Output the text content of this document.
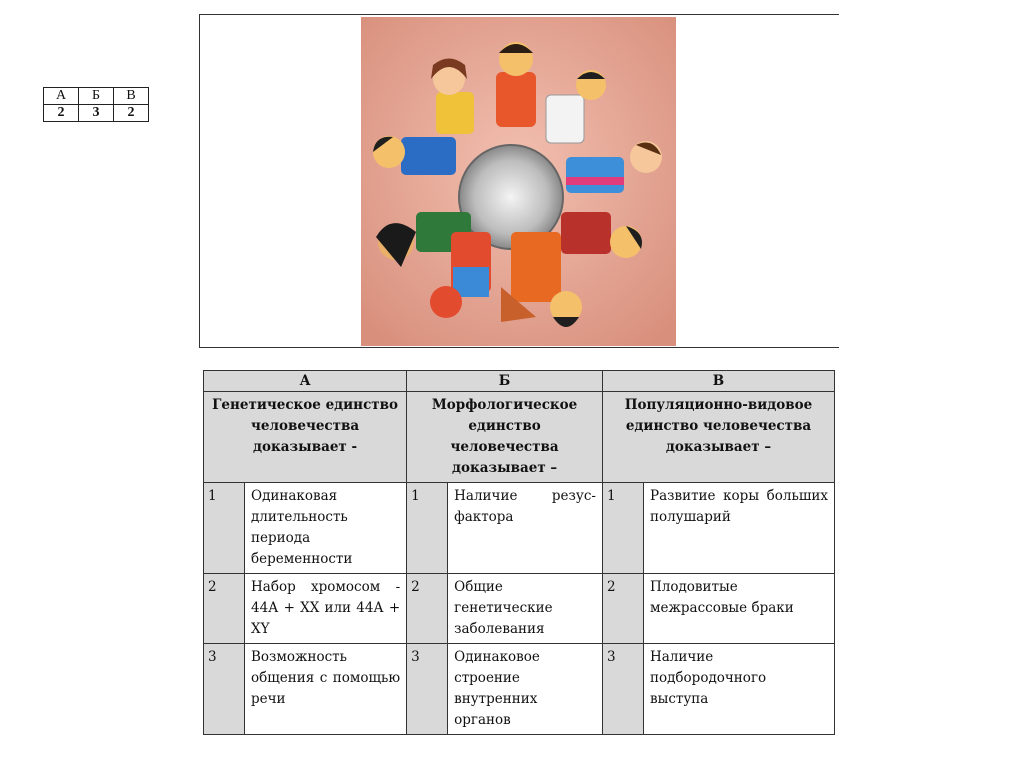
А	Б	В
2	3	2
А		Б		В	
Генетическое единство человечества доказывает -		Морфологическое единство человечества доказывает –		Популяционно-видовое единство человечества доказывает –	
1	Одинаковая длительность периода беременности	1	Наличие резус-фактора	1	Развитие коры больших полушарий
2	Набор хромосом - 44А + ХХ или 44А + ХY	2	Общие генетические заболевания	2	Плодовитые межрассовые браки
3	Возможность общения с помощью речи	3	Одинаковое строение внутренних органов	3	Наличие подбородочного выступа
